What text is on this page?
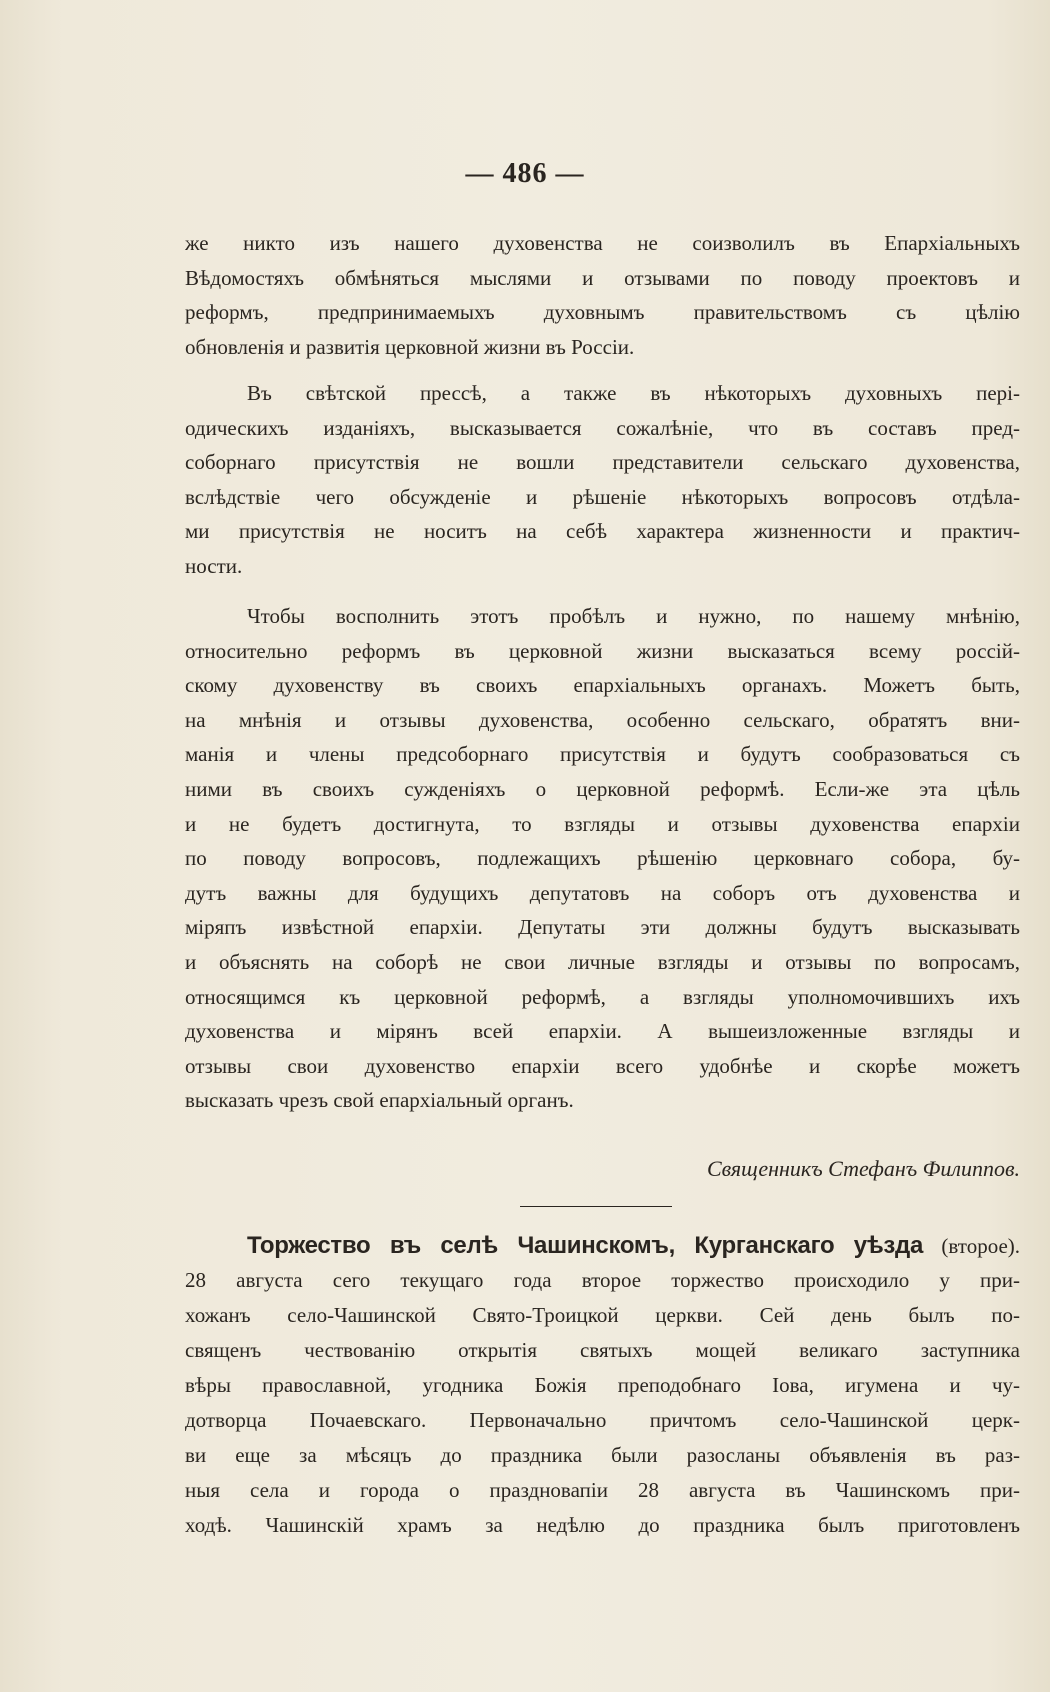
— 486 —
же никто изъ нашего духовенства не соизволилъ въ Епархіальныхъ
Вѣдомостяхъ обмѣняться мыслями и отзывами по поводу проектовъ и
реформъ, предпринимаемыхъ духовнымъ правительствомъ съ цѣлію
обновленія и развитія церковной жизни въ Россіи.
Въ свѣтской прессѣ, а также въ нѣкоторыхъ духовныхъ пері-
одическихъ изданіяхъ, высказывается сожалѣніе, что въ составъ пред-
соборнаго присутствія не вошли представители сельскаго духовенства,
вслѣдствіе чего обсужденіе и рѣшеніе нѣкоторыхъ вопросовъ отдѣла-
ми присутствія не носитъ на себѣ характера жизненности и практич-
ности.
Чтобы восполнить этотъ пробѣлъ и нужно, по нашему мнѣнію,
относительно реформъ въ церковной жизни высказаться всему россій-
скому духовенству въ своихъ епархіальныхъ органахъ. Можетъ быть,
на мнѣнія и отзывы духовенства, особенно сельскаго, обратятъ вни-
манія и члены предсоборнаго присутствія и будутъ сообразоваться съ
ними въ своихъ сужденіяхъ о церковной реформѣ. Если-же эта цѣль
и не будетъ достигнута, то взгляды и отзывы духовенства епархіи
по поводу вопросовъ, подлежащихъ рѣшенію церковнаго собора, бу-
дутъ важны для будущихъ депутатовъ на соборъ отъ духовенства и
міряпъ извѣстной епархіи. Депутаты эти должны будутъ высказывать
и объяснять на соборѣ не свои личные взгляды и отзывы по вопросамъ,
относящимся къ церковной реформѣ, а взгляды уполномочившихъ ихъ
духовенства и мірянъ всей епархіи. А вышеизложенные взгляды и
отзывы свои духовенство епархіи всего удобнѣе и скорѣе можетъ
высказать чрезъ свой епархіальный органъ.
Священникъ Стефанъ Филиппов.
Торжество въ селѣ Чашинскомъ, Курганскаго уѣзда (второе).
28 августа сего текущаго года второе торжество происходило у при-
хожанъ село-Чашинской Свято-Троицкой церкви. Сей день былъ по-
священъ чествованію открытія святыхъ мощей великаго заступника
вѣры православной, угодника Божія преподобнаго Іова, игумена и чу-
дотворца Почаевскаго. Первоначально причтомъ село-Чашинской церк-
ви еще за мѣсяцъ до праздника были разосланы объявленія въ раз-
ныя села и города о праздновапіи 28 августа въ Чашинскомъ при-
ходѣ. Чашинскій храмъ за недѣлю до праздника былъ приготовленъ
